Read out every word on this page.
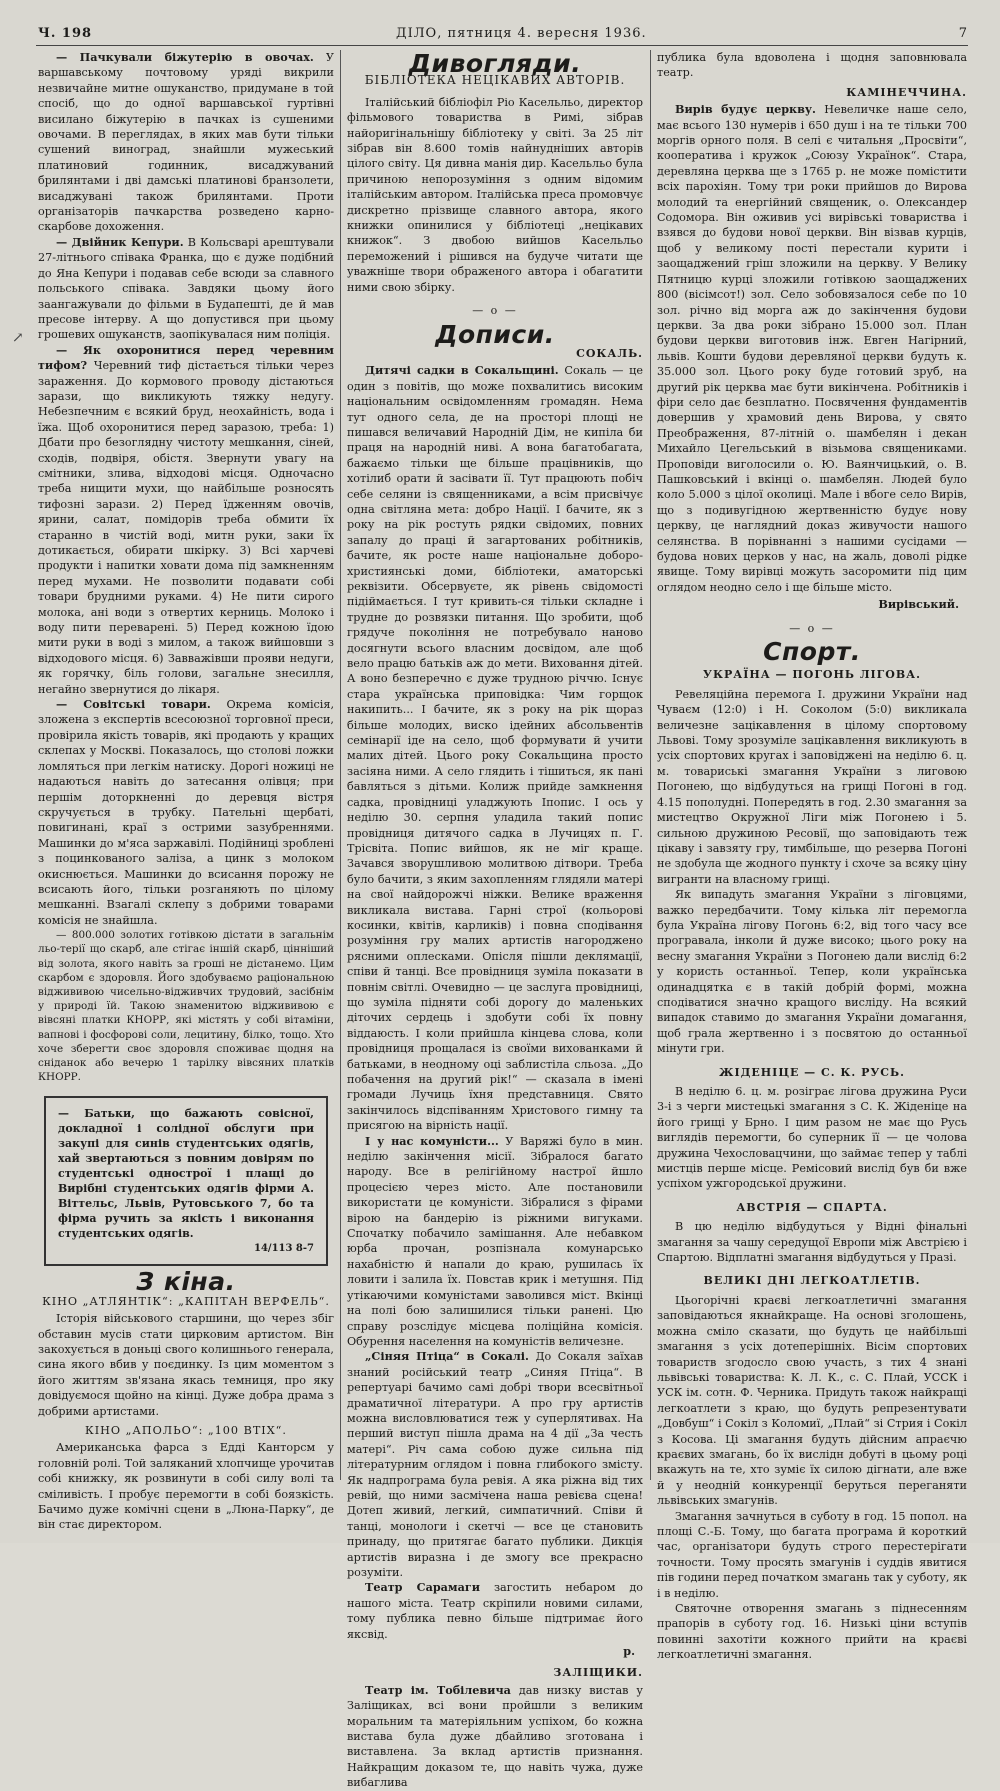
Ч. 198	ДІЛО, пятниця 4. вересня 1936.	7

— Пачкували біжутерію в овочах. У варшавському почтовому уряді викрили незвичайне митне ошуканство, придумане в той спосіб, що до одної варшавської гуртівні висилано біжутерію в пачках із сушеними овочами. В переглядах, в яких мав бути тільки сушений виноград, знайшли мужеський платиновий годинник, висаджуваний брилянтами і дві дамські платинові бранзолети, висаджувані також брилянтами. Проти організаторів пачкарства розведено карно-скарбове дохоження.

— Двійник Кепури. В Кольсварі арештували 27-літнього співака Франка, що є дуже подібний до Яна Кепури і подавав себе всюди за славного польського співака. Завдяки цьому його заангажували до фільми в Будапешті, де й мав пресове інтерву. А що допустився при цьому грошевих ошуканств, заопікувалася ним поліція.

— Як охоронитися перед черевним тифом? Черевний тиф дістається тільки через зараження. До кормового проводу дістаються зарази, що викликують тяжку недугу. Небезпечним є всякий бруд, неохайність, вода і їжа. Щоб охоронитися перед заразою, треба: 1) Дбати про безоглядну чистоту мешкання, сіней, сходів, подвіря, обістя. Звернути увагу на смітники, злива, відходові місця. Одночасно треба нищити мухи, що найбільше розносять тифозні зарази. 2) Перед їдженням овочів, ярини, салат, помідорів треба обмити їх старанно в чистій воді, митн руки, заки їх дотикається, обирати шкірку. 3) Всі харчеві продукти і напитки ховати дома під замкненням перед мухами. Не позволити подавати собі товари брудними руками. 4) Не пити сирого молока, ані води з отвертих керниць. Молоко і воду пити переварені. 5) Перед кожною їдою мити руки в воді з милом, а також вийшовши з відходового місця. 6) Завважівши прояви недуги, як горячку, біль голови, загальне знесилля, негайно звернутися до лікаря.

— Совітські товари. Окрема комісія, зложена з експертів всесоюзної торговної преси, провірила якість товарів, які продають у кращих склепах у Москві. Показалось, що столові ложки ломляться при легкім натиску. Дорогі ножиці не надаються навіть до затесання олівця; при першім доторкненні до деревця вістря скручується в трубку. Пательні щербаті, повигинані, краї з острими зазубреннями. Машинки до м'яса заржавілі. Подійниці зроблені з поцинкованого заліза, а цинк з молоком окиснюється. Машинки до всисання порожу не всисають його, тільки розганяють по цілому мешканні. Взагалі склепу з добрими товарами комісія не знайшла.

— 800.000 золотих готівкою дістати в загальнім льо-терії що скарб, але стігає іншій скарб, цінніший від золота, якого навіть за гроші не дістанемо. Цим скарбом є здоровля. Його здобуваємо раціональною віджививою чисельно-відживчих трудовий, засібнім у природі їй. Такою знаменитою віджививою є вівсяні платки КНОРР, які містять у собі вітаміни, вапнові і фосфорові соли, лецитину, білко, тощо. Хто хоче зберегти своє здоровля споживає щодня на сніданок або вечерю 1 тарілку вівсяних платків КНОРР.

— Батьки, що бажають совісної, докладної і солідної обслуги при закупі для синів студентських одягів, хай звертаються з повним довірям по студентські однострої і плащі до Вирібні студентських одягів фірми А. Віттельс, Львів, Рутовського 7, бо та фірма ручить за якість і виконання студентських одягів.
14/113 8-7
З кіна.
КІНО „АТЛЯНТІК“: „КАПІТАН ВЕРФЕЛЬ“.

Історія військового старшини, що через збіг обставин мусів стати цирковим артистом. Він закохується в доньці свого колишнього генерала, сина якого вбив у поєдинку. Із цим моментом з його життям зв'язана якась темниця, про яку довідуємося щойно на кінці. Дуже добра драма з добрими артистами.

КІНО „АПОЛЬО“: „100 ВТІХ“.

Американська фарса з Едді Канторсм у головній ролі. Той заляканий хлопчище урочитав собі книжку, як розвинути в собі силу волі та сміливість. І пробує перемогти в собі боязкість. Бачимо дуже комічні сцени в „Люна-Парку“, де він стає директором.

Дивогляди.
БІБЛІОТЕКА НЕЦІКАВИХ АВТОРІВ.

Італійський бібліофіл Ріо Касельльо, директор фільмового товариства в Римі, зібрав найоригінальнішу бібліотеку у світі. За 25 літ зібрав він 8.600 томів найнудніших авторів цілого світу. Ця дивна манія дир. Касельльо була причиною непорозуміння з одним відомим італійським автором. Італійська преса промовчує дискретно прізвище славного автора, якого книжки опинилися у бібліотеці „нецікавих книжок“. З двобою вийшов Касельльо переможений і рішився на будуче читати ще уважніше твори ображеного автора і обагатити ними свою збірку.

— о —
Дописи.
СОКАЛЬ.

Дитячі садки в Сокальщині. Сокаль — це один з повітів, що може похвалитись високим національним освідомленням громадян. Нема тут одного села, де на просторі площі не пишався величавий Народній Дім, не кипіла би праця на народній ниві. А вона багатобагата, бажаємо тільки ще більше працівників, що хотілиб орати й засівати її. Тут працюють побіч себе селяни із священниками, а всім присвічує одна світляна мета: добро Нації. І бачите, як з року на рік ростуть рядки свідомих, повних запалу до праці й загартованих робітників, бачите, як росте наше національне доборо-християнські доми, бібліотеки, аматорські реквізити. Обсервуєте, як рівень свідомості підіймається. І тут кривить-ся тільки складне і трудне до розвязки питання. Що зробити, щоб грядуче покоління не потребувало наново досягнути всього власним досвідом, але щоб вело працю батьків аж до мети. Виховання дітей. А воно безперечно є дуже трудною річчю. Існує стара українська приповідка: Чим горщок накипить... І бачите, як з року на рік щораз більше молодих, виско ідейних абсольвентів семінарії іде на село, щоб формувати й учити малих дітей. Цього року Сокальщина просто засіяна ними. А село глядить і тішиться, як пані бавляться з дітьми. Колиж прийде замкнення садка, провідниці уладжують Іпопис. І ось у неділю 30. серпня уладила такий попис провідниця дитячого садка в Лучицях п. Г. Трісвіта. Попис вийшов, як не міг краще. Зачався зворушливою молитвою дітвори. Треба було бачити, з яким захопленням глядяли матері на свої найдорожчі ніжки. Велике враження викликала вистава. Гарні строї (кольорові косинки, квітів, карликів) і повна сподівання розуміння гру малих артистів нагороджено рясними оплесками. Опісля пішли деклямації, співи й танці. Все провідниця зуміла показати в повнім світлі. Очевидно — це заслуга провідниці, що зуміла підняти собі дорогу до маленьких діточих сердець і здобути собі їх повну віддаюсть. І коли прийшла кінцева слова, коли провідниця прощалася із своїми вихованками й батьками, в неодному оці заблистіла сльоза. „До побачення на другий рік!“ — сказала в імені громади Лучиць їхня представниця. Свято закінчилось відспіванням Христового гимну та присягою на вірність нації.

І у нас комуністи... У Варяжі було в мин. неділю закінчення місії. Зібралося багато народу. Все в релігійному настрої йшло процесією через місто. Але постановили використати це комуністи. Зібралися з фірами вірою на бандерію із ріжними вигуками. Спочатку побачило замішання. Але небавком юрба прочан, розпізнала комунарсько нахабністю й напали до краю, рушилась їх ловити і залила їх. Повстав крик і метушня. Під утікаючими комуністами заволився міст. Вкінці на полі бою залишилися тільки ранені. Цю справу розслідує місцева поліційна комісія. Обурення населення на комуністів величезне.

„Сіняя Птіца“ в Сокалі. До Сокаля заїхав знаний російський театр „Синяя Птіца“. В репертуарі бачимо самі добрі твори всесвітньої драматичної літератури. А про гру артистів можна висловлюватися теж у суперлятивах. На перший виступ пішла драма на 4 дії „За честь матері“. Річ сама собою дуже сильна під літературним оглядом і повна глибокого змісту. Як надпрограма була ревія. А яка ріжна від тих ревій, що ними засмічена наша ревієва сцена! Дотеп живий, легкий, симпатичний. Співи й танці, монологи і скетчі — все це становить принаду, що притягає багато публики. Дикція артистів виразна і де змогу все прекрасно розуміти.

Театр Сарамаги загостить небаром до нашого міста. Театр скріпили новими силами, тому публика певно більше підтримає його яксвід.

р.
ЗАЛІЩИКИ.

Театр ім. Тобілевича дав низку вистав у Заліщиках, всі вони пройшли з великим моральним та матеріяльним успіхом, бо кожна вистава була дуже дбайливо зготована і виставлена. За вклад артистів признання. Найкращим доказом те, що навіть чужа, дуже вибаглива

публика була вдоволена і щодня заповнювала театр.

КАМІНЕЧЧИНА.

Вирів будує церкву. Невеличке наше село, має всього 130 нумерів і 650 душ і на те тільки 700 моргів орного поля. В селі є читальня „Просвіти“, кооператива і кружок „Союзу Українок“. Стара, деревляна церква ще з 1765 р. не може помістити всіх парохіян. Тому три роки прийшов до Вирова молодий та енергійний священик, о. Олександер Содомора. Він оживив усі вирівські товариства і взявся до будови нової церкви. Він візвав курців, щоб у великому пості перестали курити і заощаджений гріш зложили на церкву. У Велику Пятницю курці зложили готівкою заощаджених 800 (вісімсот!) зол. Село зобовязалося себе по 10 зол. річно від морга аж до закінчення будови церкви. За два роки зібрано 15.000 зол. План будови церкви виготовив інж. Евген Нагірний, львів. Кошти будови деревляної церкви будуть к. 35.000 зол. Цього року буде готовий зруб, на другий рік церква має бути викінчена. Робітників і фіри село дає безплатно. Посвячення фундаментів довершив у храмовий день Вирова, у свято Преображення, 87-літній о. шамбелян і декан Михайло Цегельський в візьмова священиками. Проповіди виголосили о. Ю. Ваянчицький, о. В. Пашковський і вкінці о. шамбелян. Людей було коло 5.000 з цілої околиці. Мале і вбоге село Вирів, що з подивугідною жертвенністю будує нову церкву, це наглядний доказ живучости нашого селянства. В порівнанні з нашими сусідами — будова нових церков у нас, на жаль, доволі рідке явище. Тому вирівці можуть засоромити під цим оглядом неодно село і ще більше місто.

Вирівський.
— о —
Спорт.
УКРАЇНА — ПОГОНЬ ЛІГОВА.

Ревеляційна перемога І. дружини України над Чуваєм (12:0) і Н. Соколом (5:0) викликала величезне зацікавлення в цілому спортовому Львові. Тому зрозуміле зацікавлення викликують в усіх спортових кругах і заповіджені на неділю 6. ц. м. товариські змагання України з лиговою Погонею, що відбудуться на грищі Погоні в год. 4.15 пополудні. Попередять в год. 2.30 змагання за мистецтво Окружної Ліги між Погонею і 5. сильною дружиною Ресовії, що заповідають теж цікаву і завзяту гру, тимбільше, що резерва Погоні не здобула ще жодного пункту і схоче за всяку ціну вигранти на власному грищі.

Як випадуть змагання України з ліговцями, важко передбачити. Тому кілька літ перемогла була Україна лігову Погонь 6:2, від того часу все програвала, інколи й дуже високо; цього року на весну змагання України з Погонею дали вислід 6:2 у користь останньої. Тепер, коли українська одинадцятка є в такій добрій формі, можна сподіватися значно кращого висліду. На всякий випадок ставимо до змагання України домагання, щоб грала жертвенно і з посвятою до останньої мінути гри.

ЖІДЕНІЦЕ — С. К. РУСЬ.

В неділю 6. ц. м. розіграє лігова дружина Руси 3-і з черги мистецькі змагання з С. К. Жіденіце на його грищі у Брно. І цим разом не має що Русь виглядів перемогти, бо суперник її — це чолова дружина Чехословацчини, що займає тепер у таблі мистців перше місце. Ремісовий вислід був би вже успіхом ужгородської дружини.

АВСТРІЯ — СПАРТА.

В цю неділю відбудуться у Відні фінальні змагання за чашу середущої Европи між Австрією і Спартою. Відплатні змагання відбудуться у Празі.

ВЕЛИКІ ДНІ ЛЕГКОАТЛЕТІВ.

Цьогорічні краєві легкоатлетичні змагання заповідаються якнайкраще. На основі зголошень, можна сміло сказати, що будуть це найбільші змагання з усіх дотеперішніх. Вісім спортових товариств згодосло свою участь, з тих 4 знані львівські товариства: К. Л. К., с. С. Плай, УССК і УСК ім. сотн. Ф. Черника. Придуть також найкращі легкоатлети з краю, що будуть репрезентувати „Довбуш“ і Сокіл з Коломиї, „Плай“ зі Стрия і Сокіл з Косова. Ці змагання будуть дійсним апраєчю краєвих змагань, бо їх вислідн добуті в цьому році вкажуть на те, хто зуміє їх силою дігнати, але вже й у неодній конкуренції беруться переганяти львівських змагунів.

Змагання зачнуться в суботу в год. 15 попол. на площі С.-Б. Тому, що багата програма й короткий час, організатори будуть строго перестерігати точности. Тому просять змагунів і суддів явитися пів години перед початком змагань так у суботу, як і в неділю.

Святочне отворення змагань з піднесенням прапорів в суботу год. 16. Низькі ціни вступів повинні захотіти кожного прийти на краєві легкоатлетичні змагання.

↗
